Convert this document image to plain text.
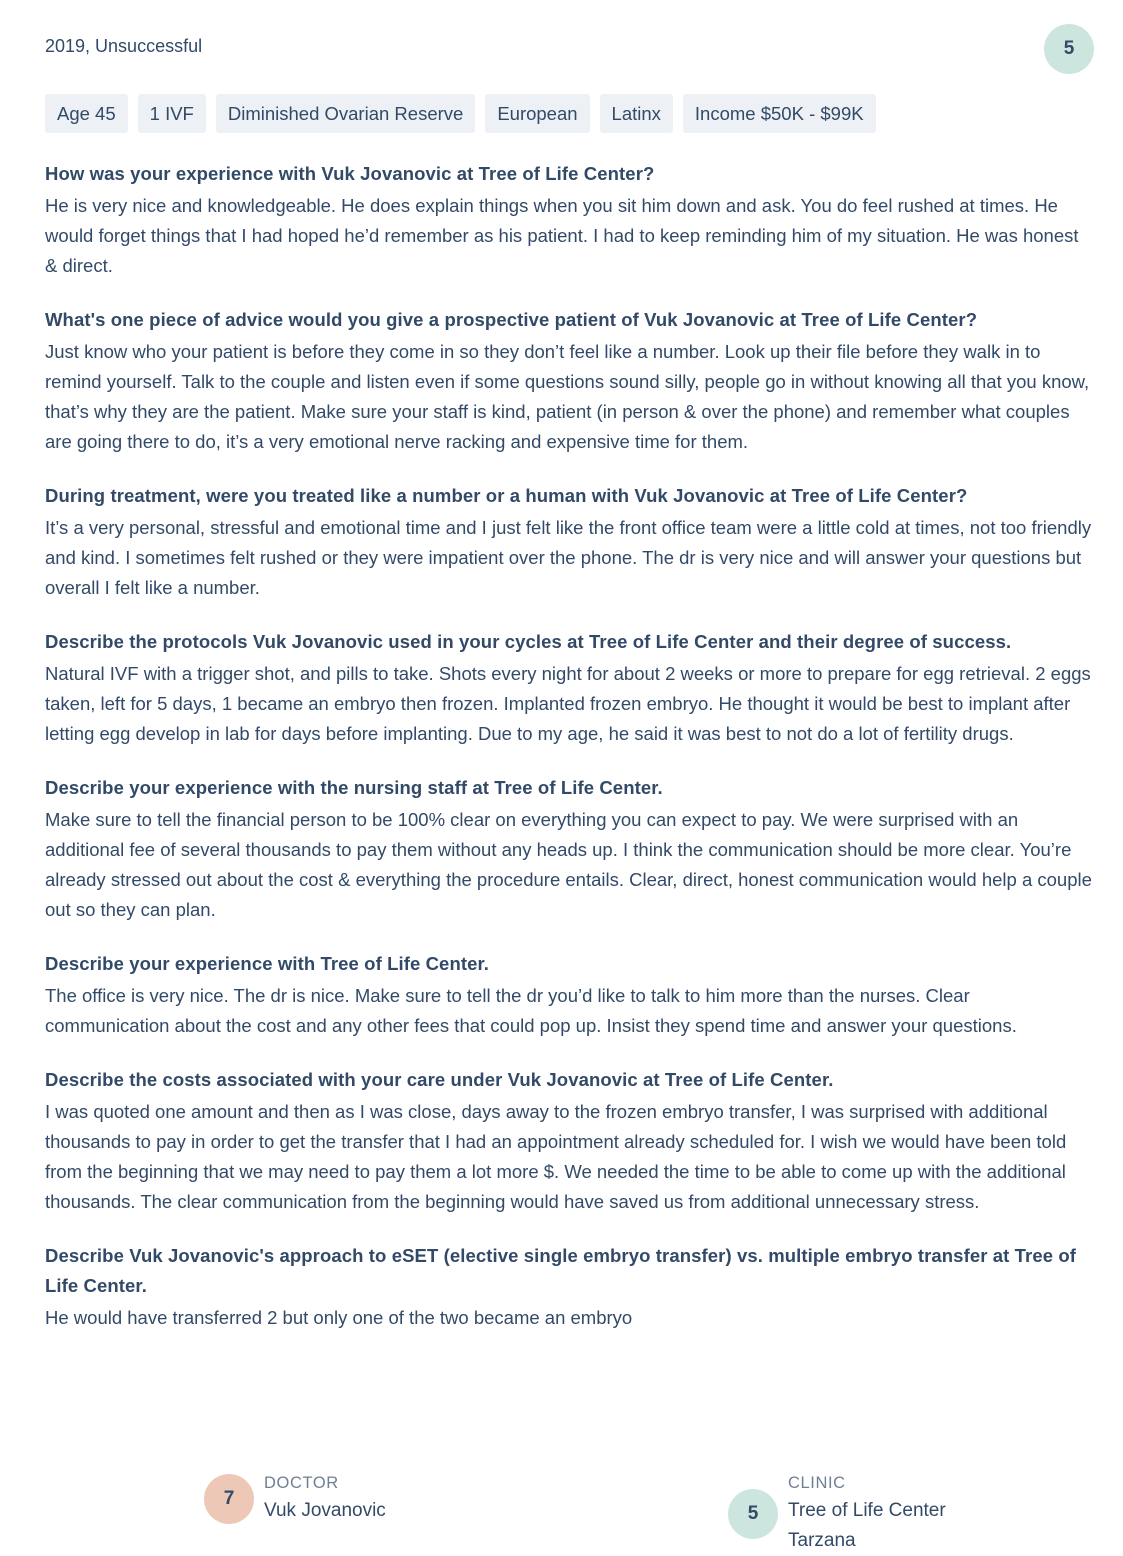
2019, Unsuccessful	5
Age 45	1 IVF	Diminished Ovarian Reserve	European	Latinx	Income $50K - $99K

How was your experience with Vuk Jovanovic at Tree of Life Center?

He is very nice and knowledgeable. He does explain things when you sit him down and ask. You do feel rushed at times. He would forget things that I had hoped he’d remember as his patient. I had to keep reminding him of my situation. He was honest & direct.

What's one piece of advice would you give a prospective patient of Vuk Jovanovic at Tree of Life Center?

Just know who your patient is before they come in so they don’t feel like a number. Look up their file before they walk in to remind yourself. Talk to the couple and listen even if some questions sound silly, people go in without knowing all that you know, that’s why they are the patient. Make sure your staff is kind, patient (in person & over the phone) and remember what couples are going there to do, it’s a very emotional nerve racking and expensive time for them.

During treatment, were you treated like a number or a human with Vuk Jovanovic at Tree of Life Center?

It’s a very personal, stressful and emotional time and I just felt like the front office team were a little cold at times, not too friendly and kind. I sometimes felt rushed or they were impatient over the phone. The dr is very nice and will answer your questions but overall I felt like a number.

Describe the protocols Vuk Jovanovic used in your cycles at Tree of Life Center and their degree of success.

Natural IVF with a trigger shot, and pills to take. Shots every night for about 2 weeks or more to prepare for egg retrieval. 2 eggs taken, left for 5 days, 1 became an embryo then frozen. Implanted frozen embryo. He thought it would be best to implant after letting egg develop in lab for days before implanting. Due to my age, he said it was best to not do a lot of fertility drugs.

Describe your experience with the nursing staff at Tree of Life Center.

Make sure to tell the financial person to be 100% clear on everything you can expect to pay. We were surprised with an additional fee of several thousands to pay them without any heads up. I think the communication should be more clear. You’re already stressed out about the cost & everything the procedure entails. Clear, direct, honest communication would help a couple out so they can plan.

Describe your experience with Tree of Life Center.

The office is very nice. The dr is nice. Make sure to tell the dr you’d like to talk to him more than the nurses. Clear communication about the cost and any other fees that could pop up. Insist they spend time and answer your questions.

Describe the costs associated with your care under Vuk Jovanovic at Tree of Life Center.

I was quoted one amount and then as I was close, days away to the frozen embryo transfer, I was surprised with additional thousands to pay in order to get the transfer that I had an appointment already scheduled for. I wish we would have been told from the beginning that we may need to pay them a lot more $. We needed the time to be able to come up with the additional thousands. The clear communication from the beginning would have saved us from additional unnecessary stress.

Describe Vuk Jovanovic's approach to eSET (elective single embryo transfer) vs. multiple embryo transfer at Tree of Life Center.

He would have transferred 2 but only one of the two became an embryo

7
DOCTOR
Vuk Jovanovic	5
CLINIC
Tree of Life Center
Tarzana
